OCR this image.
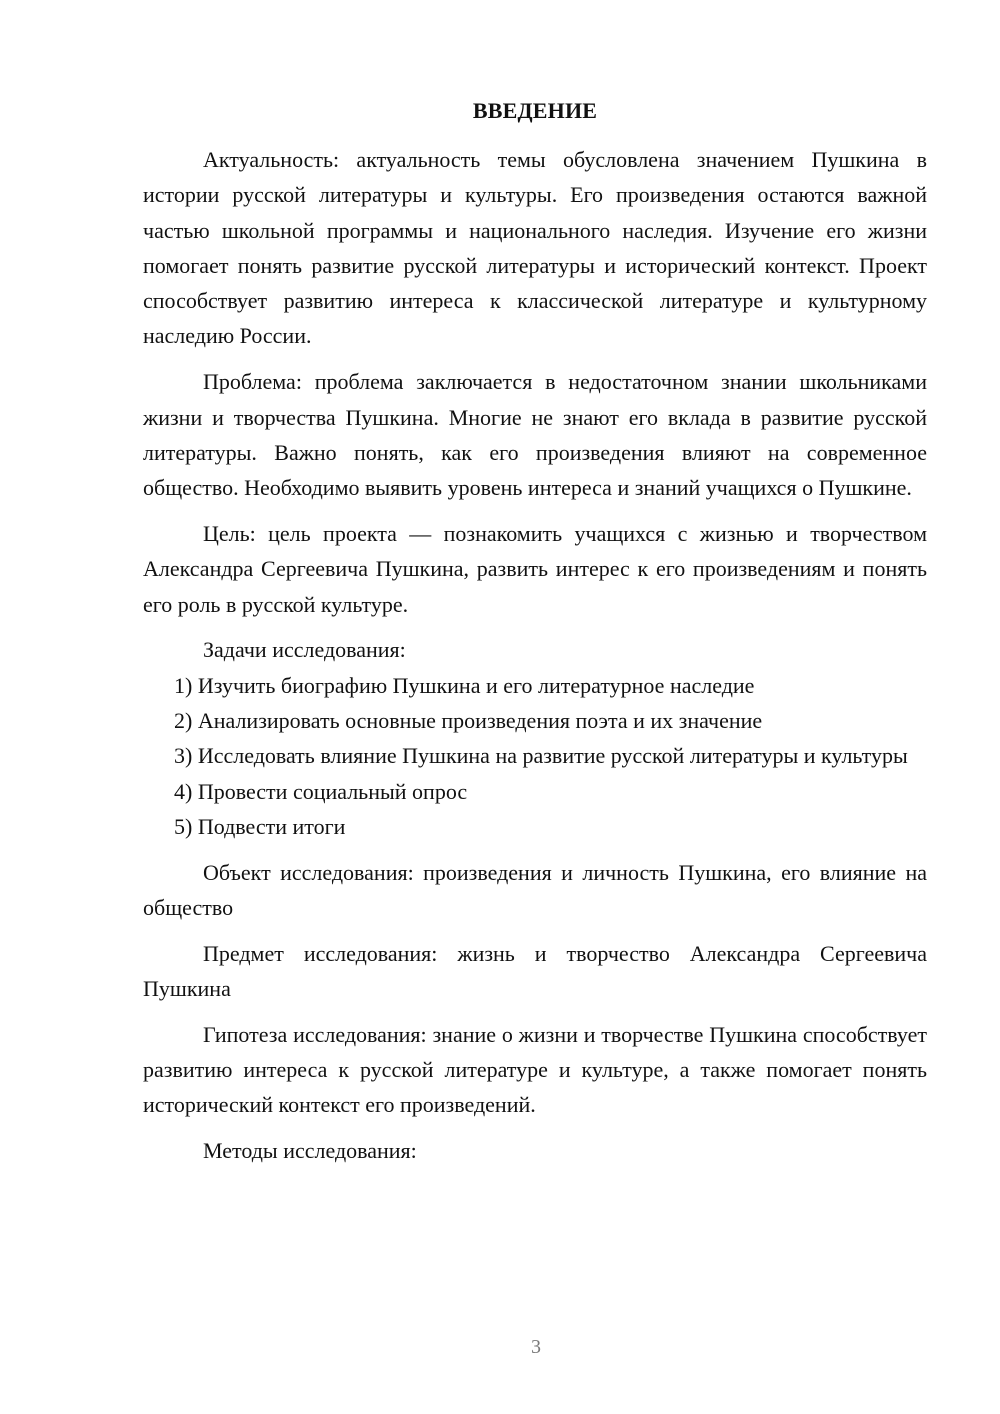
ВВЕДЕНИЕ

Актуальность: актуальность темы обусловлена значением Пушкина в истории русской литературы и культуры. Его произведения остаются важной частью школьной программы и национального наследия. Изучение его жизни помогает понять развитие русской литературы и исторический контекст. Проект способствует развитию интереса к классической литературе и культурному наследию России.

Проблема: проблема заключается в недостаточном знании школьниками жизни и творчества Пушкина. Многие не знают его вклада в развитие русской литературы. Важно понять, как его произведения влияют на современное общество. Необходимо выявить уровень интереса и знаний учащихся о Пушкине.

Цель: цель проекта — познакомить учащихся с жизнью и творчеством Александра Сергеевича Пушкина, развить интерес к его произведениям и понять его роль в русской культуре.

Задачи исследования:

1) Изучить биографию Пушкина и его литературное наследие

2) Анализировать основные произведения поэта и их значение

3) Исследовать влияние Пушкина на развитие русской литературы и культуры

4) Провести социальный опрос

5) Подвести итоги

Объект исследования: произведения и личность Пушкина, его влияние на общество

Предмет исследования: жизнь и творчество Александра Сергеевича Пушкина

Гипотеза исследования: знание о жизни и творчестве Пушкина способствует развитию интереса к русской литературе и культуре, а также помогает понять исторический контекст его произведений.

Методы исследования:

3
